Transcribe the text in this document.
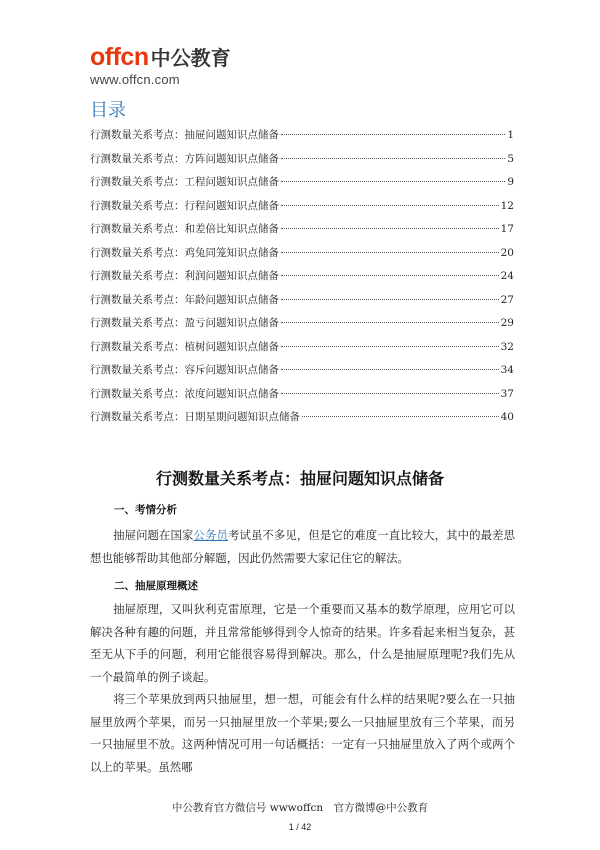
offcn 中公教育
www.offcn.com
目录
行测数量关系考点：抽屉问题知识点储备	1
行测数量关系考点：方阵问题知识点储备	5
行测数量关系考点：工程问题知识点储备	9
行测数量关系考点：行程问题知识点储备	12
行测数量关系考点：和差倍比知识点储备	17
行测数量关系考点：鸡兔同笼知识点储备	20
行测数量关系考点：利润问题知识点储备	24
行测数量关系考点：年龄问题知识点储备	27
行测数量关系考点：盈亏问题知识点储备	29
行测数量关系考点：植树问题知识点储备	32
行测数量关系考点：容斥问题知识点储备	34
行测数量关系考点：浓度问题知识点储备	37
行测数量关系考点：日期星期问题知识点储备	40
行测数量关系考点：抽屉问题知识点储备
一、考情分析
抽屉问题在国家公务员考试虽不多见，但是它的难度一直比较大，其中的最差思想也能够帮助其他部分解题，因此仍然需要大家记住它的解法。
二、抽屉原理概述
抽屉原理，又叫狄利克雷原理，它是一个重要而又基本的数学原理，应用它可以解决各种有趣的问题，并且常常能够得到令人惊奇的结果。许多看起来相当复杂，甚至无从下手的问题，利用它能很容易得到解决。那么，什么是抽屉原理呢?我们先从一个最简单的例子谈起。
将三个苹果放到两只抽屉里，想一想，可能会有什么样的结果呢?要么在一只抽屉里放两个苹果，而另一只抽屉里放一个苹果;要么一只抽屉里放有三个苹果，而另一只抽屉里不放。这两种情况可用一句话概括：一定有一只抽屉里放入了两个或两个以上的苹果。虽然哪
中公教育官方微信号 wwwoffcn　官方微博@中公教育
1 / 42
